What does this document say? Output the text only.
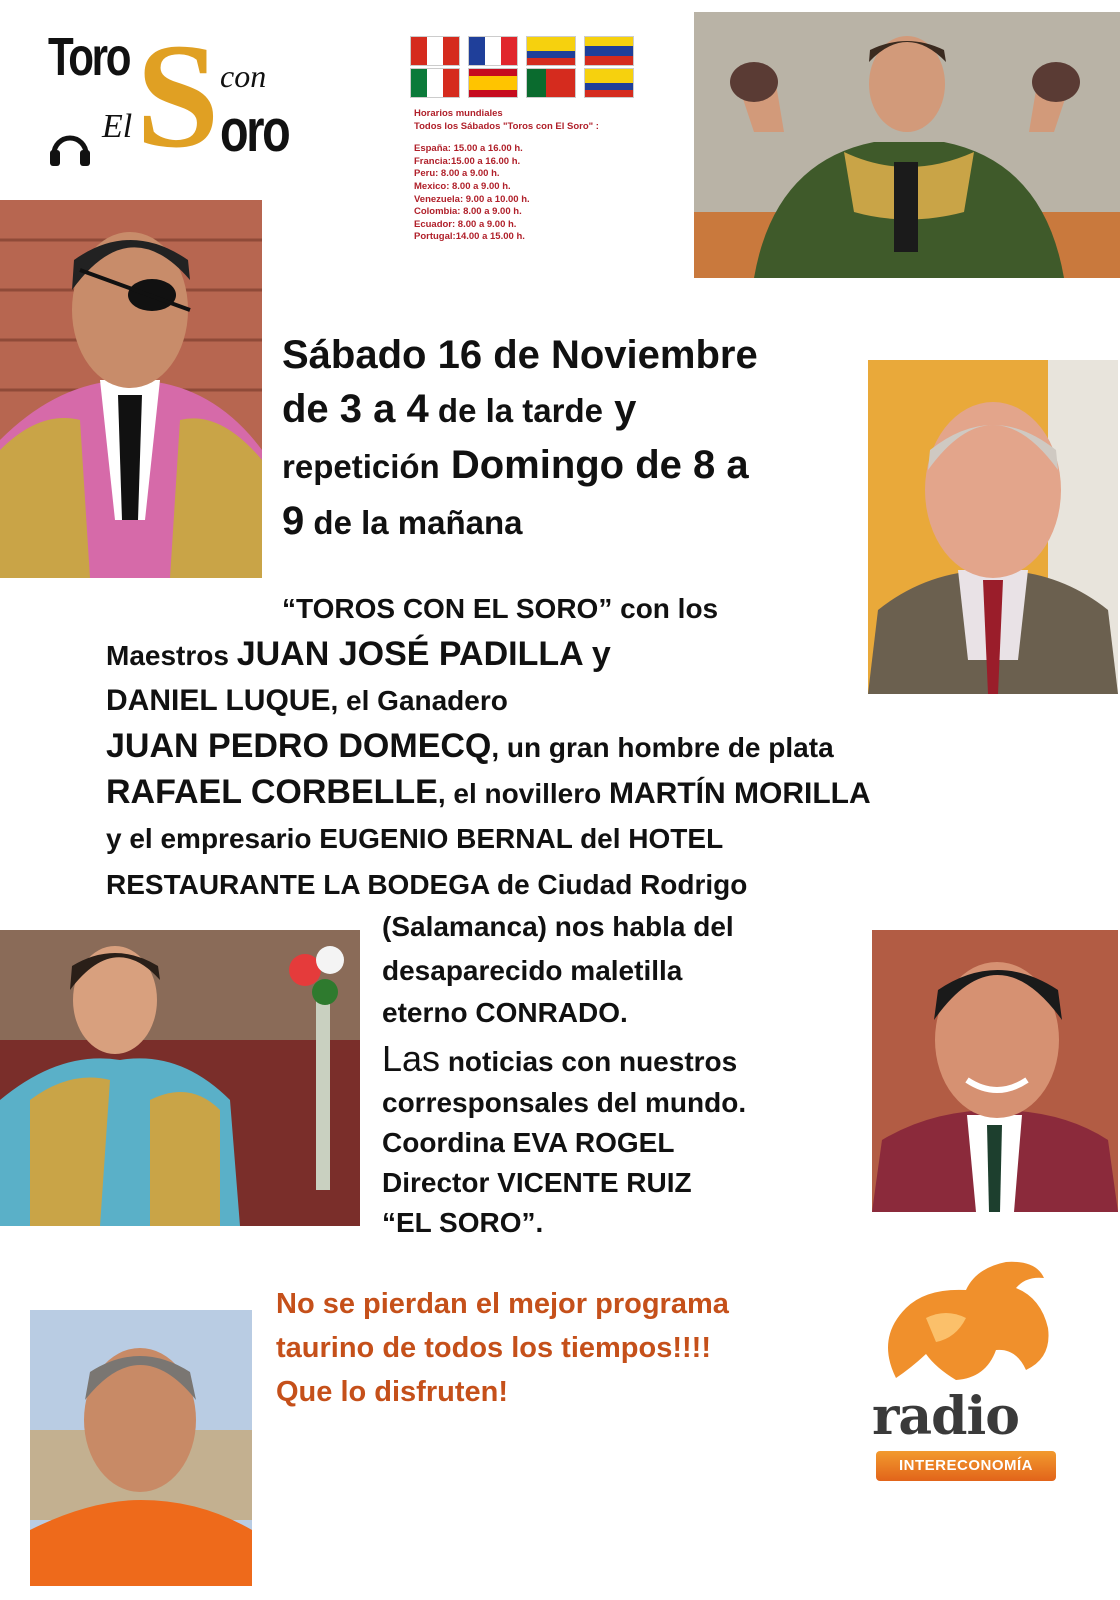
Toro S con
El oro	Horarios mundiales
Todos los Sábados "Toros con El Soro" :
España: 15.00 a 16.00 h.
Francia:15.00 a 16.00 h.
Peru: 8.00 a 9.00 h.
Mexico: 8.00 a 9.00 h.
Venezuela: 9.00 a 10.00 h.
Colombia: 8.00 a 9.00 h.
Ecuador: 8.00 a 9.00 h.
Portugal:14.00 a 15.00 h.
Sábado 16 de Noviembre
de 3 a 4 de la tarde y
repetición Domingo de 8 a
9 de la mañana
“TOROS CON EL SORO” con los
Maestros JUAN JOSÉ PADILLA y
DANIEL LUQUE, el Ganadero
JUAN PEDRO DOMECQ, un gran hombre de plata
RAFAEL CORBELLE, el novillero MARTÍN MORILLA
y el empresario EUGENIO BERNAL del HOTEL
RESTAURANTE LA BODEGA de Ciudad Rodrigo
(Salamanca) nos habla del
desaparecido maletilla
eterno CONRADO.
Las noticias con nuestros
corresponsales del mundo.
Coordina EVA ROGEL
Director VICENTE RUIZ
“EL SORO”.
No se pierdan el mejor programa
taurino de todos los tiempos!!!!
Que lo disfruten!	radio
INTERECONOMÍA
